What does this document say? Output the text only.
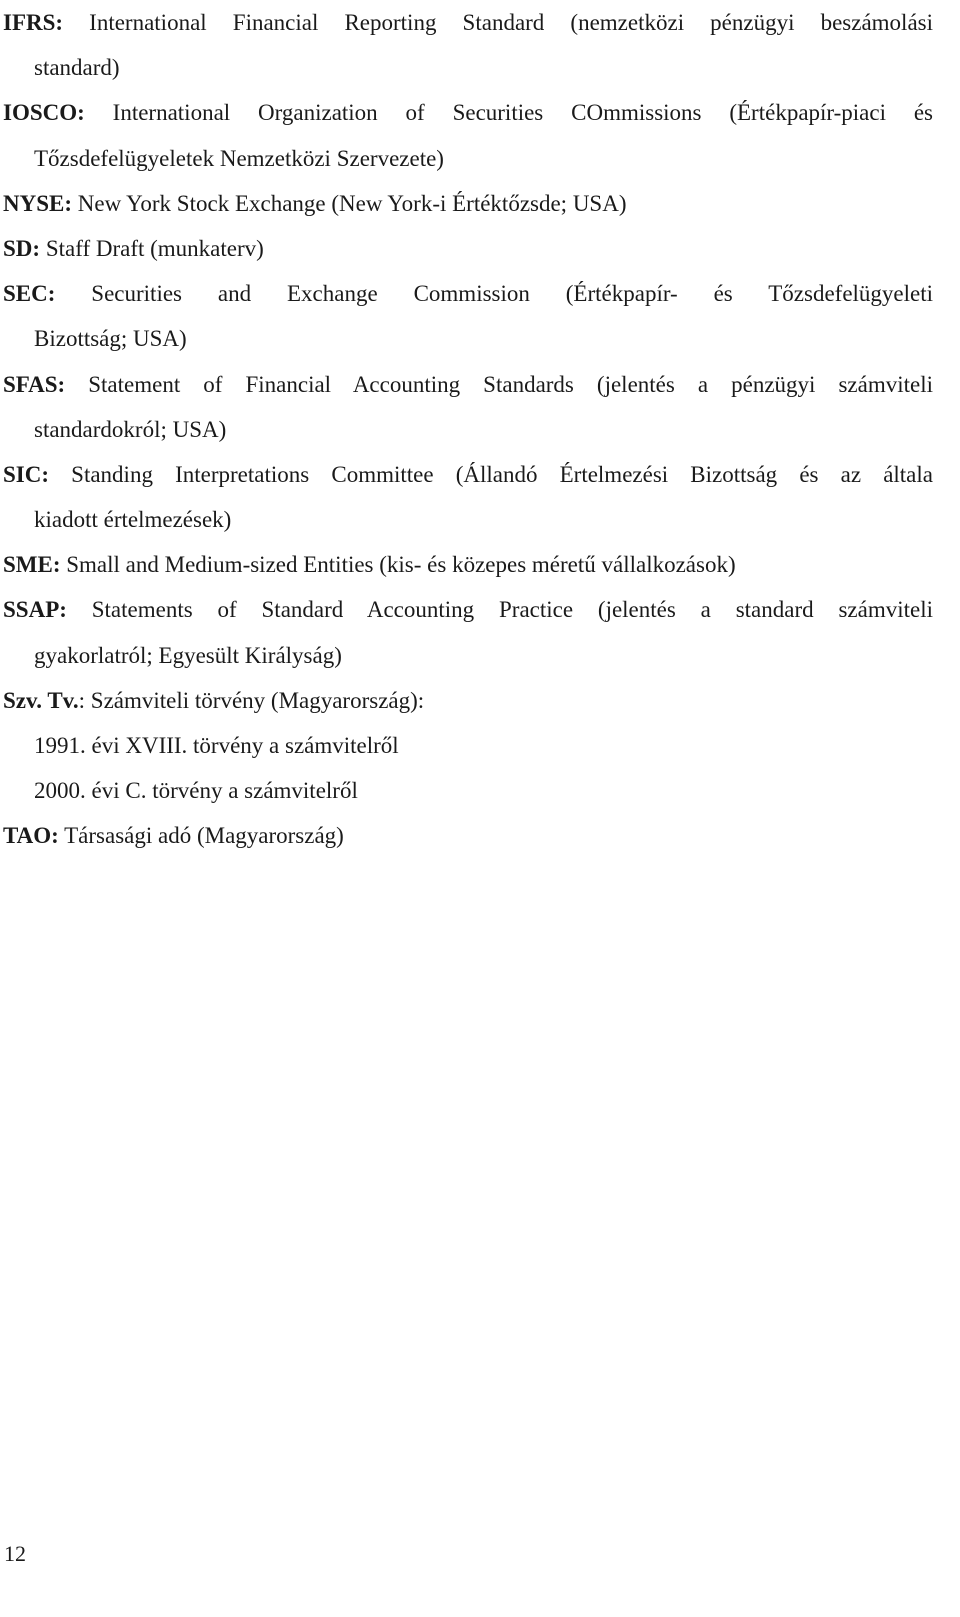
IFRS: International Financial Reporting Standard (nemzetközi pénzügyi beszámolási
standard)
IOSCO: International Organization of Securities COmmissions (Értékpapír-piaci és
Tőzsdefelügyeletek Nemzetközi Szervezete)
NYSE: New York Stock Exchange (New York-i Értéktőzsde; USA)
SD: Staff Draft (munkaterv)
SEC: Securities and Exchange Commission (Értékpapír- és Tőzsdefelügyeleti
Bizottság; USA)
SFAS: Statement of Financial Accounting Standards (jelentés a pénzügyi számviteli
standardokról; USA)
SIC: Standing Interpretations Committee (Állandó Értelmezési Bizottság és az általa
kiadott értelmezések)
SME: Small and Medium-sized Entities (kis- és közepes méretű vállalkozások)
SSAP: Statements of Standard Accounting Practice (jelentés a standard számviteli
gyakorlatról; Egyesült Királyság)
Szv. Tv.: Számviteli törvény (Magyarország):
1991. évi XVIII. törvény a számvitelről
2000. évi C. törvény a számvitelről
TAO: Társasági adó (Magyarország)
12
